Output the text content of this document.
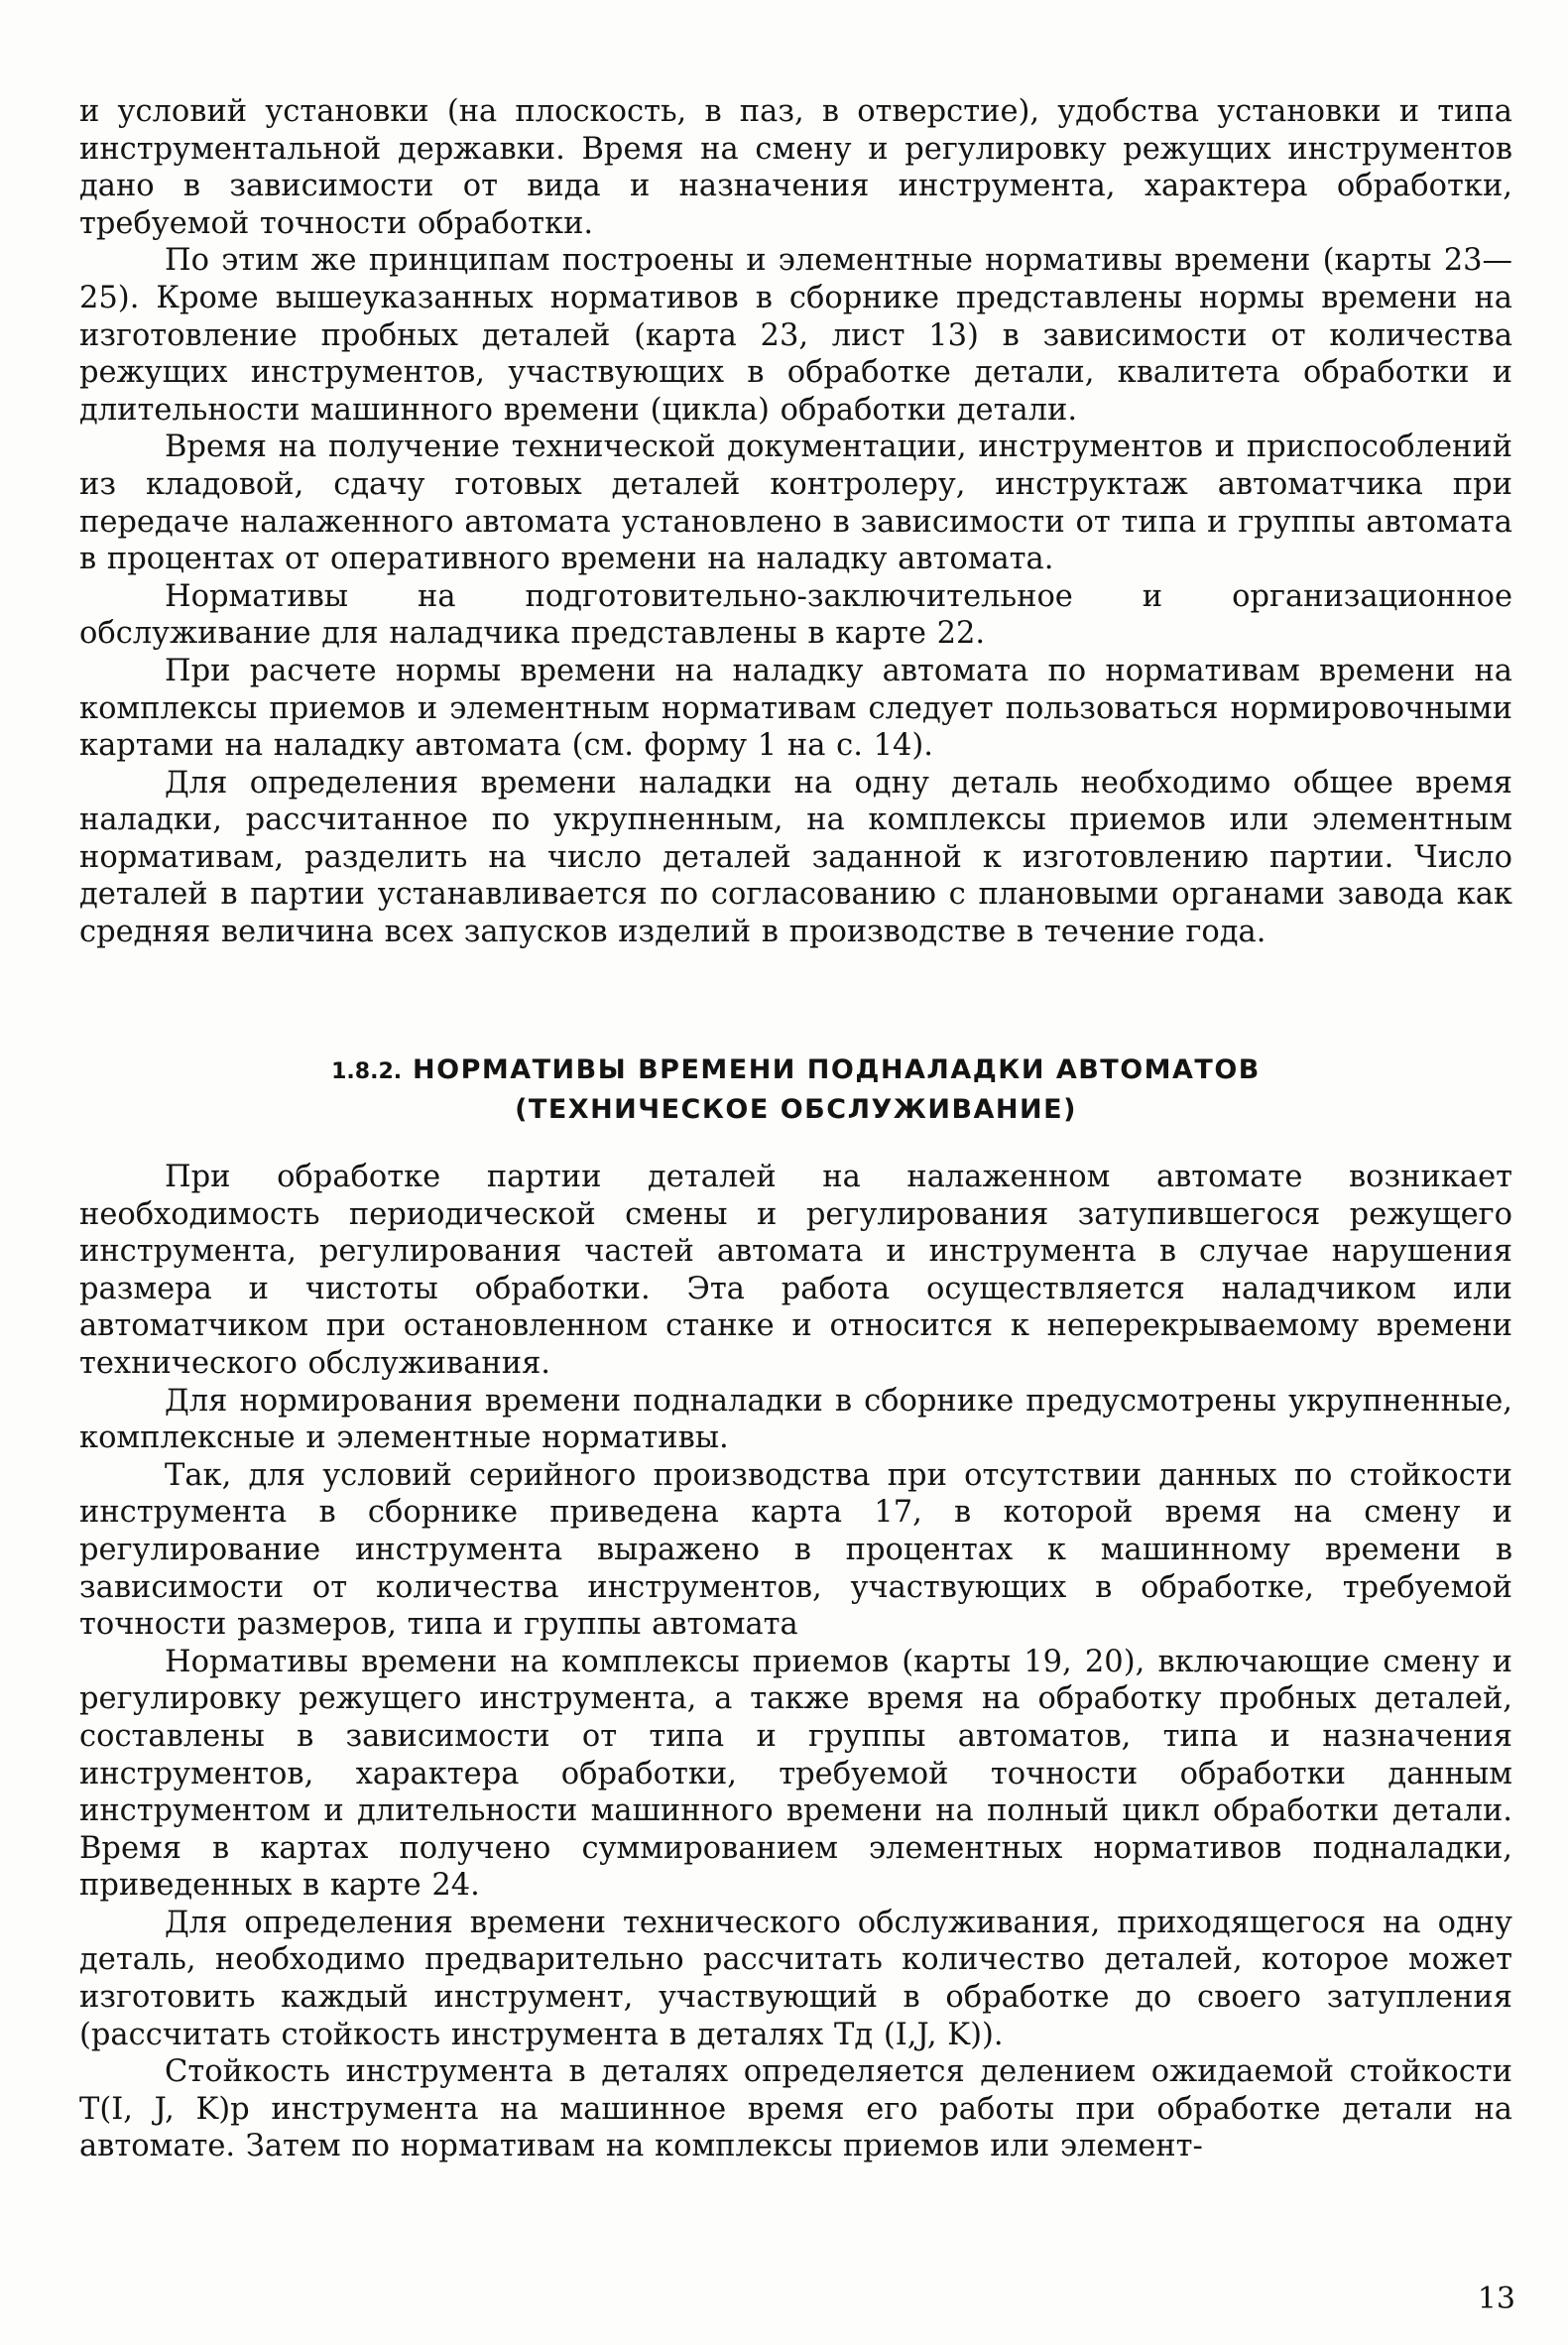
и условий установки (на плоскость, в паз, в отверстие), удобства установки и типа инструментальной державки. Время на смену и регулировку режущих инструментов дано в зависимости от вида и назначения инструмента, характера обработки, требуемой точности обработки.

По этим же принципам построены и элементные нормативы времени (карты 23—25). Кроме вышеуказанных нормативов в сборнике представлены нормы времени на изготовление пробных деталей (карта 23, лист 13) в зависимости от количества режущих инструментов, участвующих в обработке детали, квалитета обработки и длительности машинного времени (цикла) обработки детали.

Время на получение технической документации, инструментов и приспособлений из кладовой, сдачу готовых деталей контролеру, инструктаж автоматчика при передаче налаженного автомата установлено в зависимости от типа и группы автомата в процентах от оперативного времени на наладку автомата.

Нормативы на подготовительно-заключительное и организационное обслуживание для наладчика представлены в карте 22.

При расчете нормы времени на наладку автомата по нормативам времени на комплексы приемов и элементным нормативам следует пользоваться нормировочными картами на наладку автомата (см. форму 1 на с. 14).

Для определения времени наладки на одну деталь необходимо общее время наладки, рассчитанное по укрупненным, на комплексы приемов или элементным нормативам, разделить на число деталей заданной к изготовлению партии. Число деталей в партии устанавливается по согласованию с плановыми органами завода как средняя величина всех запусков изделий в производстве в течение года.

1.8.2. НОРМАТИВЫ ВРЕМЕНИ ПОДНАЛАДКИ АВТОМАТОВ
(ТЕХНИЧЕСКОЕ ОБСЛУЖИВАНИЕ)

При обработке партии деталей на налаженном автомате возникает необходимость периодической смены и регулирования затупившегося режущего инструмента, регулирования частей автомата и инструмента в случае нарушения размера и чистоты обработки. Эта работа осуществляется наладчиком или автоматчиком при остановленном станке и относится к неперекрываемому времени технического обслуживания.

Для нормирования времени подналадки в сборнике предусмотрены укрупненные, комплексные и элементные нормативы.

Так, для условий серийного производства при отсутствии данных по стойкости инструмента в сборнике приведена карта 17, в которой время на смену и регулирование инструмента выражено в процентах к машинному времени в зависимости от количества инструментов, участвующих в обработке, требуемой точности размеров, типа и группы автомата

Нормативы времени на комплексы приемов (карты 19, 20), включающие смену и регулировку режущего инструмента, а также время на обработку пробных деталей, составлены в зависимости от типа и группы автоматов, типа и назначения инструментов, характера обработки, требуемой точности обработки данным инструментом и длительности машинного времени на полный цикл обработки детали. Время в картах получено суммированием элементных нормативов подналадки, приведенных в карте 24.

Для определения времени технического обслуживания, приходящегося на одну деталь, необходимо предварительно рассчитать количество деталей, которое может изготовить каждый инструмент, участвующий в обработке до своего затупления (рассчитать стойкость инструмента в деталях Tд (I,J, K)).

Стойкость инструмента в деталях определяется делением ожидаемой стойкости T(I, J, K)р инструмента на машинное время его работы при обработке детали на автомате. Затем по нормативам на комплексы приемов или элемент-

13
